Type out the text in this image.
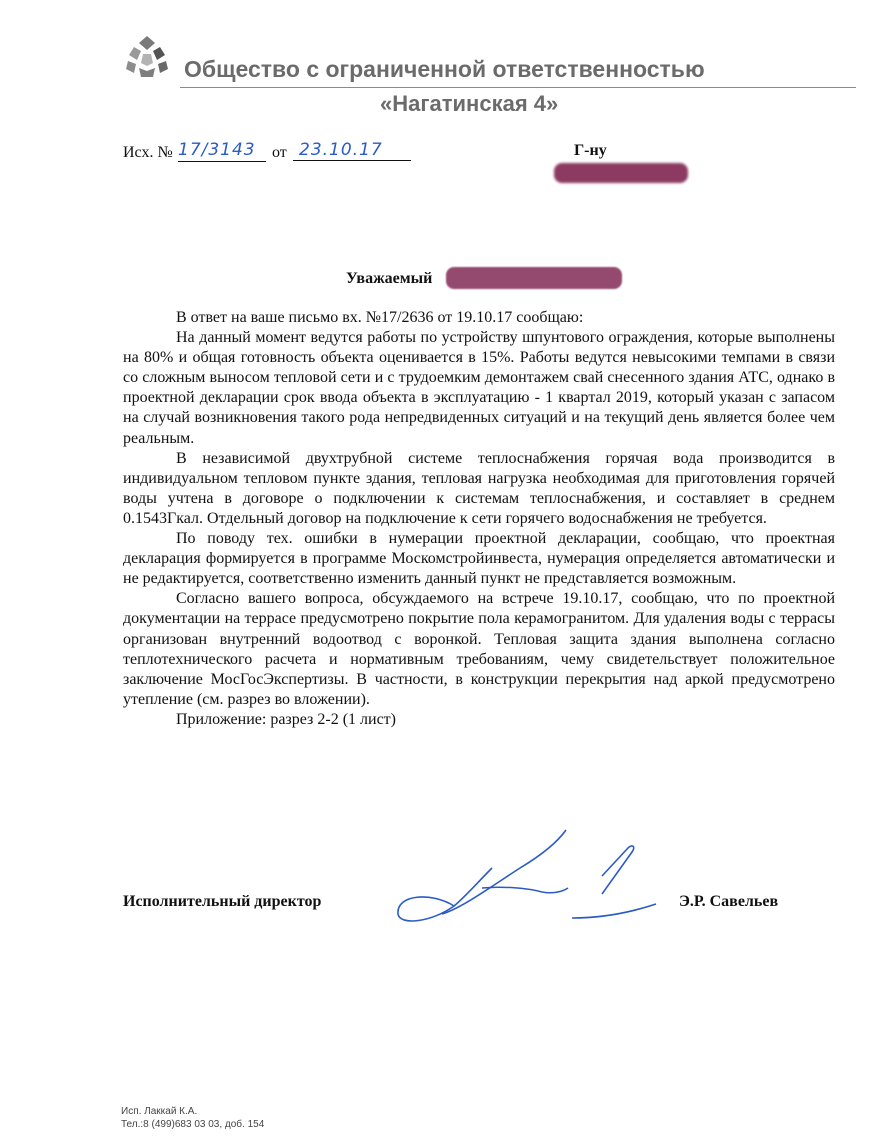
Общество с ограниченной ответственностью
«Нагатинская 4»
Исх. № 17/3143	от 23.10.17	Г-ну
Уважаемый

В ответ на ваше письмо вх. №17/2636 от 19.10.17 сообщаю:

На данный момент ведутся работы по устройству шпунтового ограждения, которые выполнены на 80% и общая готовность объекта оценивается в 15%. Работы ведутся невысокими темпами в связи со сложным выносом тепловой сети и с трудоемким демонтажем свай снесенного здания АТС, однако в проектной декларации срок ввода объекта в эксплуатацию - 1 квартал 2019, который указан с запасом на случай возникновения такого рода непредвиденных ситуаций и на текущий день является более чем реальным.

В независимой двухтрубной системе теплоснабжения горячая вода производится в индивидуальном тепловом пункте здания, тепловая нагрузка необходимая для приготовления горячей воды учтена в договоре о подключении к системам теплоснабжения, и составляет в среднем 0.1543Гкал. Отдельный договор на подключение к сети горячего водоснабжения не требуется.

По поводу тех. ошибки в нумерации проектной декларации, сообщаю, что проектная декларация формируется в программе Москомстройинвеста, нумерация определяется автоматически и не редактируется, соответственно изменить данный пункт не представляется возможным.

Согласно вашего вопроса, обсуждаемого на встрече 19.10.17, сообщаю, что по проектной документации на террасе предусмотрено покрытие пола керамогранитом. Для удаления воды с террасы организован внутренний водоотвод с воронкой. Тепловая защита здания выполнена согласно теплотехнического расчета и нормативным требованиям, чему свидетельствует положительное заключение МосГосЭкспертизы. В частности, в конструкции перекрытия над аркой предусмотрено утепление (см. разрез во вложении).

Приложение: разрез 2-2 (1 лист)

Исполнительный директор	Э.Р. Савельев
Исп. Лаккай К.А.
Тел.:8 (499)683 03 03, доб. 154
